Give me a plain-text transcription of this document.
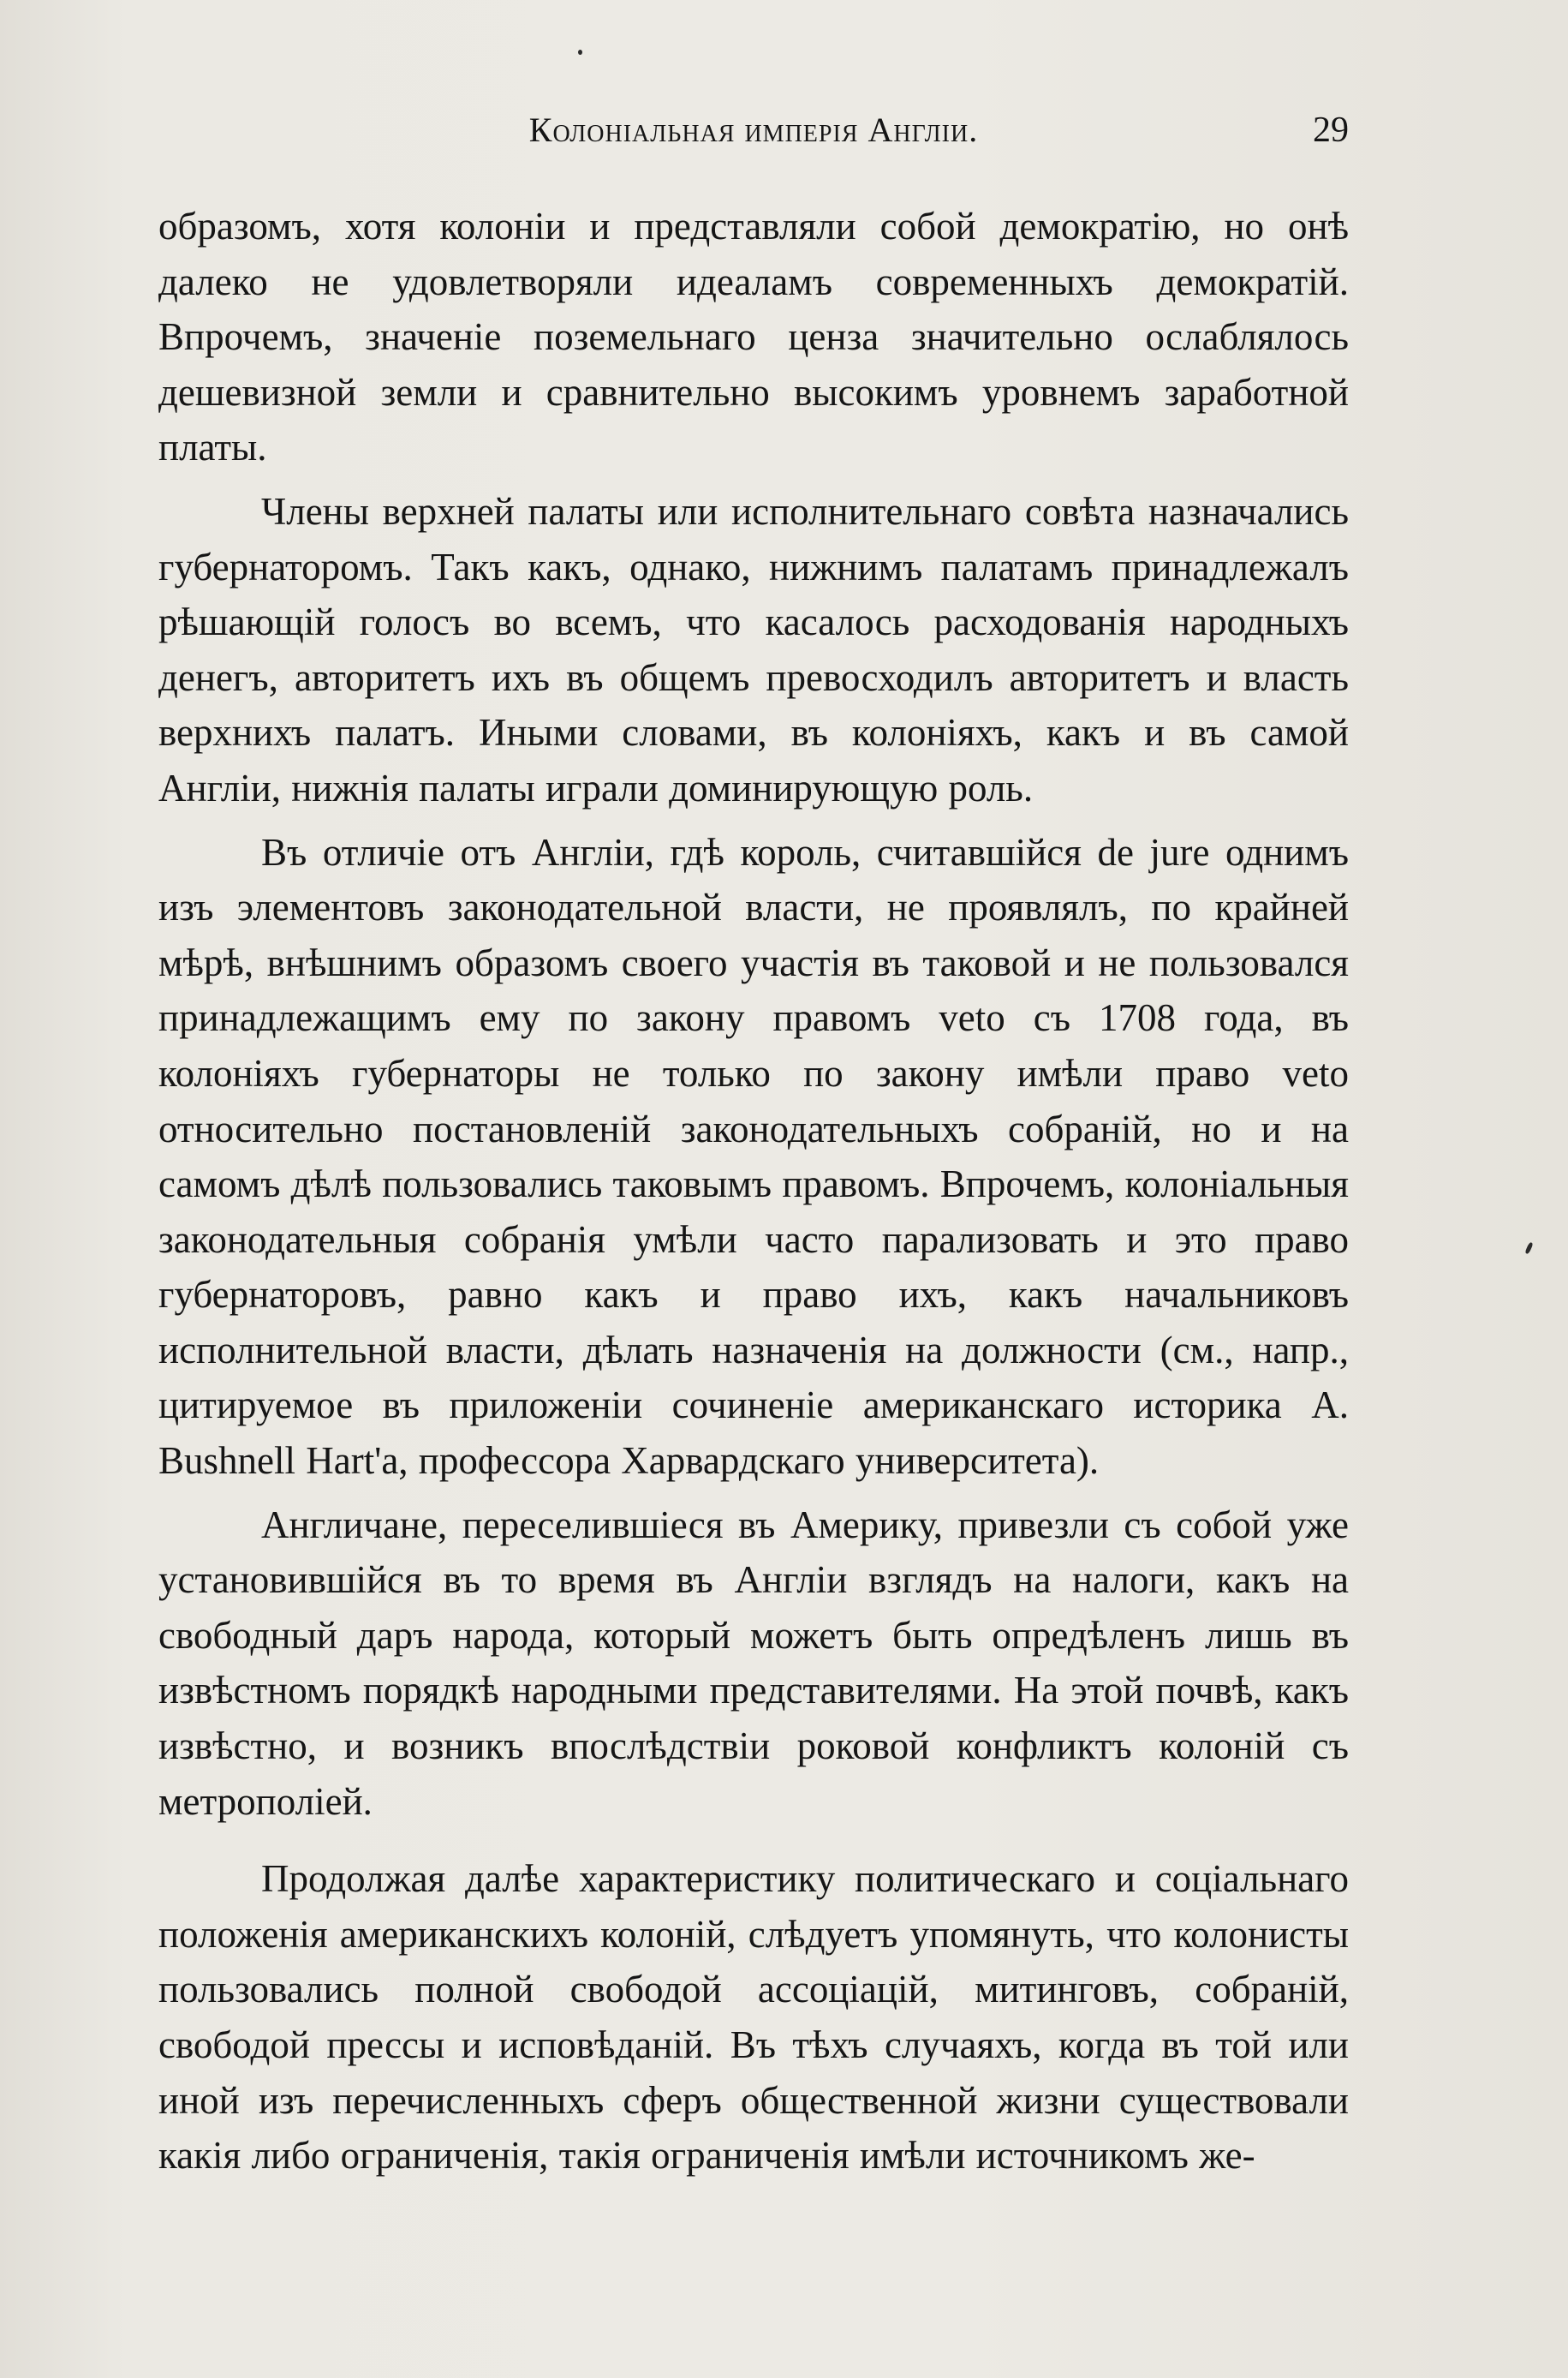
Колоніальная имперія Англіи.	29

образомъ, хотя колоніи и представляли собой демократію, но онѣ далеко не удовлетворяли идеаламъ современныхъ демократій. Впрочемъ, значеніе поземельнаго ценза значительно ослаблялось дешевизной земли и сравнительно высокимъ уровнемъ заработной платы.

Члены верхней палаты или исполнительнаго совѣта назначались губернаторомъ. Такъ какъ, однако, нижнимъ палатамъ принадлежалъ рѣшающій голосъ во всемъ, что касалось расходованія народныхъ денегъ, авторитетъ ихъ въ общемъ превосходилъ авторитетъ и власть верхнихъ палатъ. Иными словами, въ колоніяхъ, какъ и въ самой Англіи, нижнія палаты играли доминирующую роль.

Въ отличіе отъ Англіи, гдѣ король, считавшійся de jure однимъ изъ элементовъ законодательной власти, не проявлялъ, по крайней мѣрѣ, внѣшнимъ образомъ своего участія въ таковой и не пользовался принадлежащимъ ему по закону правомъ veto съ 1708 года, въ колоніяхъ губернаторы не только по закону имѣли право veto относительно постановленій законодательныхъ собраній, но и на самомъ дѣлѣ пользовались таковымъ правомъ. Впрочемъ, колоніальныя законодательныя собранія умѣли часто парализовать и это право губернаторовъ, равно какъ и право ихъ, какъ начальниковъ исполнительной власти, дѣлать назначенія на должности (см., напр., цитируемое въ приложеніи сочиненіе американскаго историка A. Bushnell Hart'а, профессора Харвардскаго университета).

Англичане, переселившіеся въ Америку, привезли съ собой уже установившійся въ то время въ Англіи взглядъ на налоги, какъ на свободный даръ народа, который можетъ быть опредѣленъ лишь въ извѣстномъ порядкѣ народными представителями. На этой почвѣ, какъ извѣстно, и возникъ впослѣдствіи роковой конфликтъ колоній съ метрополіей.

Продолжая далѣе характеристику политическаго и соціальнаго положенія американскихъ колоній, слѣдуетъ упомянуть, что колонисты пользовались полной свободой ассоціацій, митинговъ, собраній, свободой прессы и исповѣданій. Въ тѣхъ случаяхъ, когда въ той или иной изъ перечисленныхъ сферъ общественной жизни существовали какія либо ограниченія, такія ограниченія имѣли источникомъ же-
